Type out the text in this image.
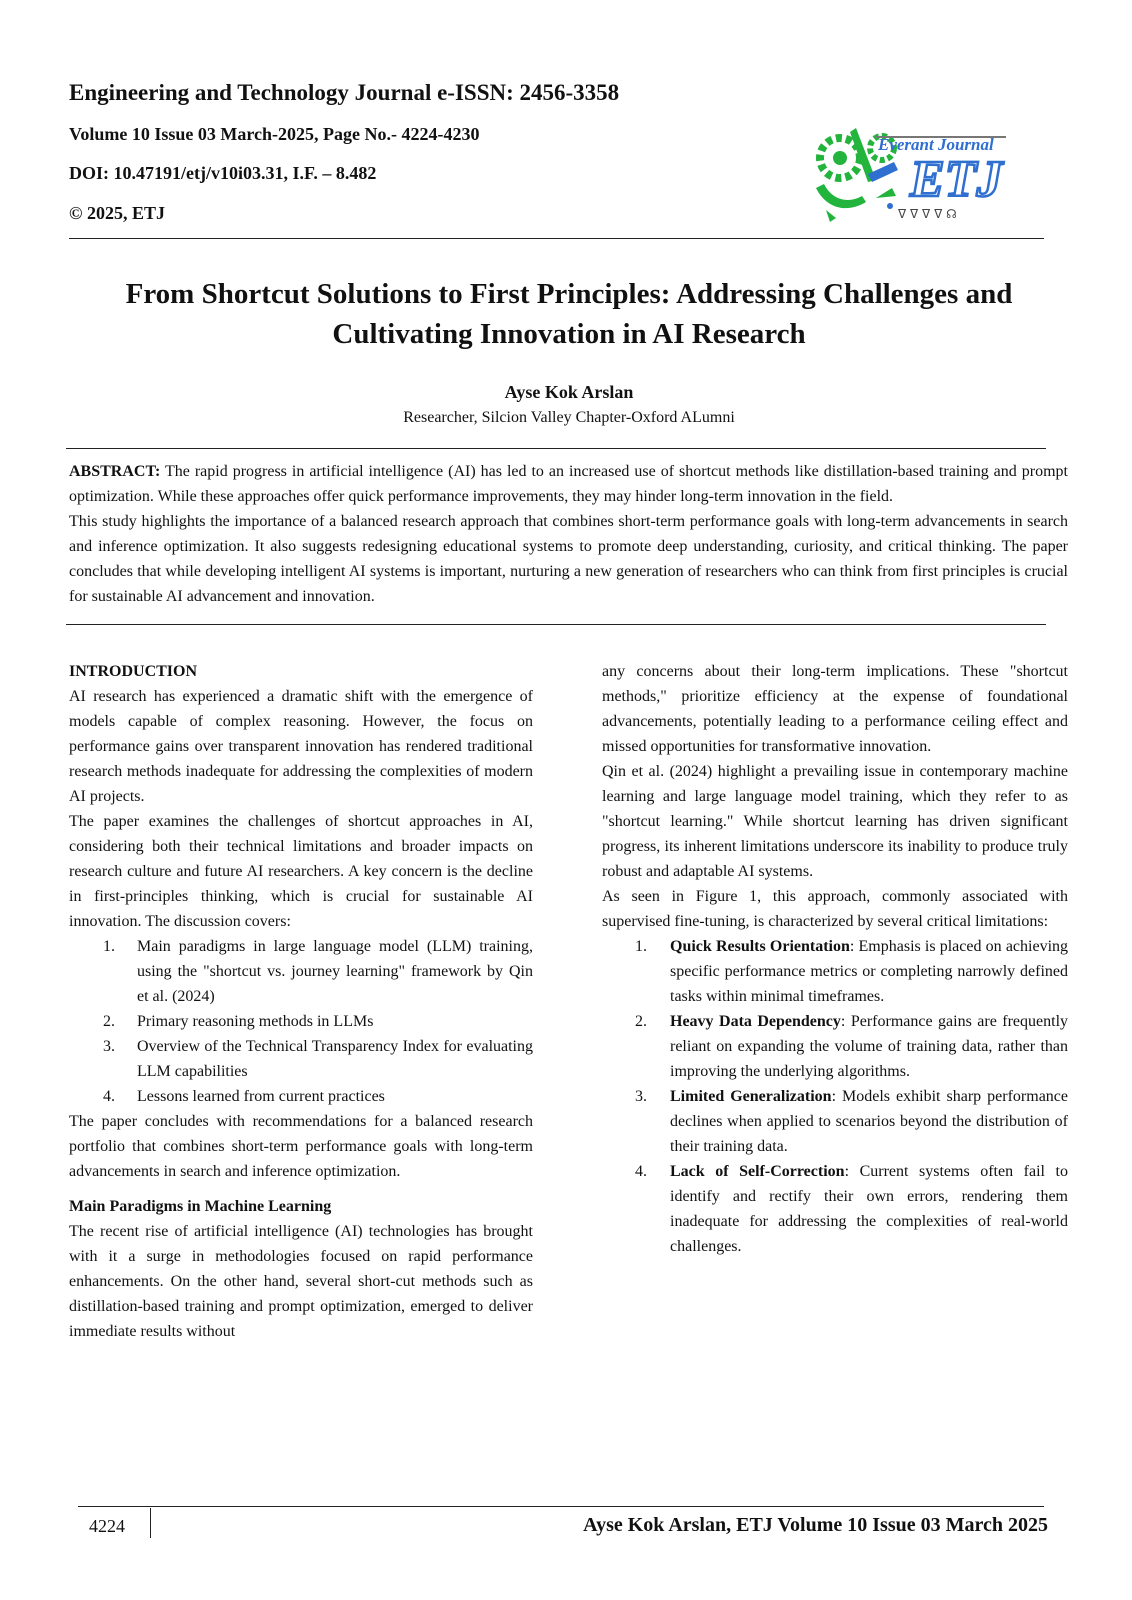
Engineering and Technology Journal e-ISSN: 2456-3358
Volume 10 Issue 03 March-2025, Page No.- 4224-4230
DOI: 10.47191/etj/v10i03.31, I.F. – 8.482
© 2025, ETJ
Everant Journal
ETJ
ᐁ ᐁ ᐁ ᐁ ☊
From Shortcut Solutions to First Principles: Addressing Challenges and Cultivating Innovation in AI Research
Ayse Kok Arslan
Researcher, Silcion Valley Chapter-Oxford ALumni

ABSTRACT: The rapid progress in artificial intelligence (AI) has led to an increased use of shortcut methods like distillation-based training and prompt optimization. While these approaches offer quick performance improvements, they may hinder long-term innovation in the field.

This study highlights the importance of a balanced research approach that combines short-term performance goals with long-term advancements in search and inference optimization. It also suggests redesigning educational systems to promote deep understanding, curiosity, and critical thinking. The paper concludes that while developing intelligent AI systems is important, nurturing a new generation of researchers who can think from first principles is crucial for sustainable AI advancement and innovation.

INTRODUCTION

AI research has experienced a dramatic shift with the emergence of models capable of complex reasoning. However, the focus on performance gains over transparent innovation has rendered traditional research methods inadequate for addressing the complexities of modern AI projects.

The paper examines the challenges of shortcut approaches in AI, considering both their technical limitations and broader impacts on research culture and future AI researchers. A key concern is the decline in first-principles thinking, which is crucial for sustainable AI innovation. The discussion covers:

1. Main paradigms in large language model (LLM) training, using the "shortcut vs. journey learning" framework by Qin et al. (2024)
2. Primary reasoning methods in LLMs
3. Overview of the Technical Transparency Index for evaluating LLM capabilities
4. Lessons learned from current practices

The paper concludes with recommendations for a balanced research portfolio that combines short-term performance goals with long-term advancements in search and inference optimization.

Main Paradigms in Machine Learning

The recent rise of artificial intelligence (AI) technologies has brought with it a surge in methodologies focused on rapid performance enhancements. On the other hand, several short-cut methods such as distillation-based training and prompt optimization, emerged to deliver immediate results without

any concerns about their long-term implications. These "shortcut methods," prioritize efficiency at the expense of foundational advancements, potentially leading to a performance ceiling effect and missed opportunities for transformative innovation.

Qin et al. (2024) highlight a prevailing issue in contemporary machine learning and large language model training, which they refer to as "shortcut learning." While shortcut learning has driven significant progress, its inherent limitations underscore its inability to produce truly robust and adaptable AI systems.

As seen in Figure 1, this approach, commonly associated with supervised fine-tuning, is characterized by several critical limitations:

1. Quick Results Orientation: Emphasis is placed on achieving specific performance metrics or completing narrowly defined tasks within minimal timeframes.
2. Heavy Data Dependency: Performance gains are frequently reliant on expanding the volume of training data, rather than improving the underlying algorithms.
3. Limited Generalization: Models exhibit sharp performance declines when applied to scenarios beyond the distribution of their training data.
4. Lack of Self-Correction: Current systems often fail to identify and rectify their own errors, rendering them inadequate for addressing the complexities of real-world challenges.
4224	Ayse Kok Arslan, ETJ Volume 10 Issue 03 March 2025
